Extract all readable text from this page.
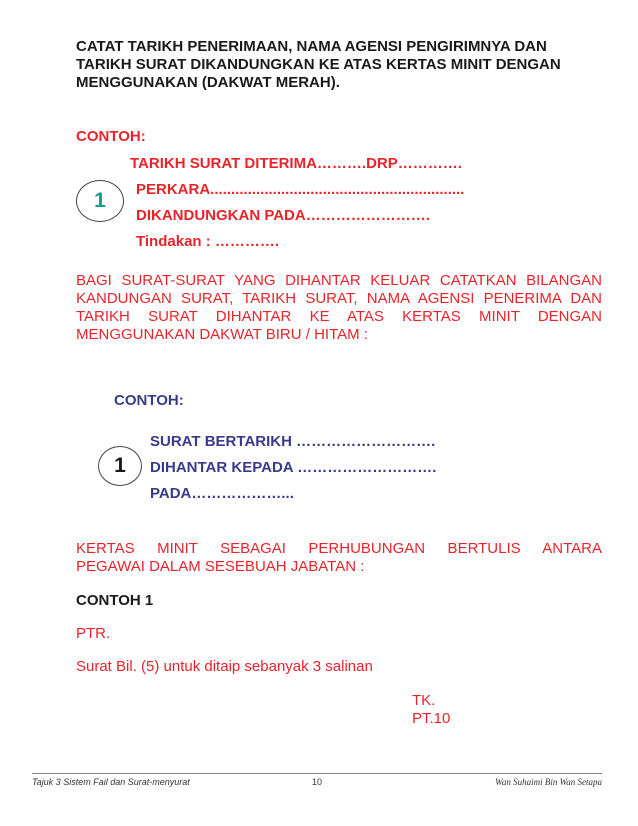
CATAT TARIKH PENERIMAAN, NAMA AGENSI PENGIRIMNYA DAN
TARIKH SURAT DIKANDUNGKAN KE ATAS KERTAS MINIT DENGAN
MENGGUNAKAN (DAKWAT MERAH).
CONTOH:
1
TARIKH SURAT DITERIMA……….DRP………….
PERKARA.............................................................
DIKANDUNGKAN PADA…………………….
Tindakan : ………….
BAGI SURAT-SURAT YANG DIHANTAR KELUAR CATATKAN BILANGAN
KANDUNGAN SURAT, TARIKH SURAT, NAMA AGENSI PENERIMA DAN
TARIKH SURAT DIHANTAR KE ATAS KERTAS MINIT DENGAN
MENGGUNAKAN DAKWAT BIRU / HITAM :
CONTOH:
1
SURAT BERTARIKH ……………………….
DIHANTAR KEPADA ……………………….
PADA………………...
KERTAS MINIT SEBAGAI PERHUBUNGAN BERTULIS ANTARA
PEGAWAI DALAM SESEBUAH JABATAN :
CONTOH 1
PTR.
Surat Bil. (5) untuk ditaip sebanyak 3 salinan
TK.
PT.10
Tajuk 3 Sistem Fail dan Surat-menyurat	10	Wan Suhaimi Bin Wan Setapa
